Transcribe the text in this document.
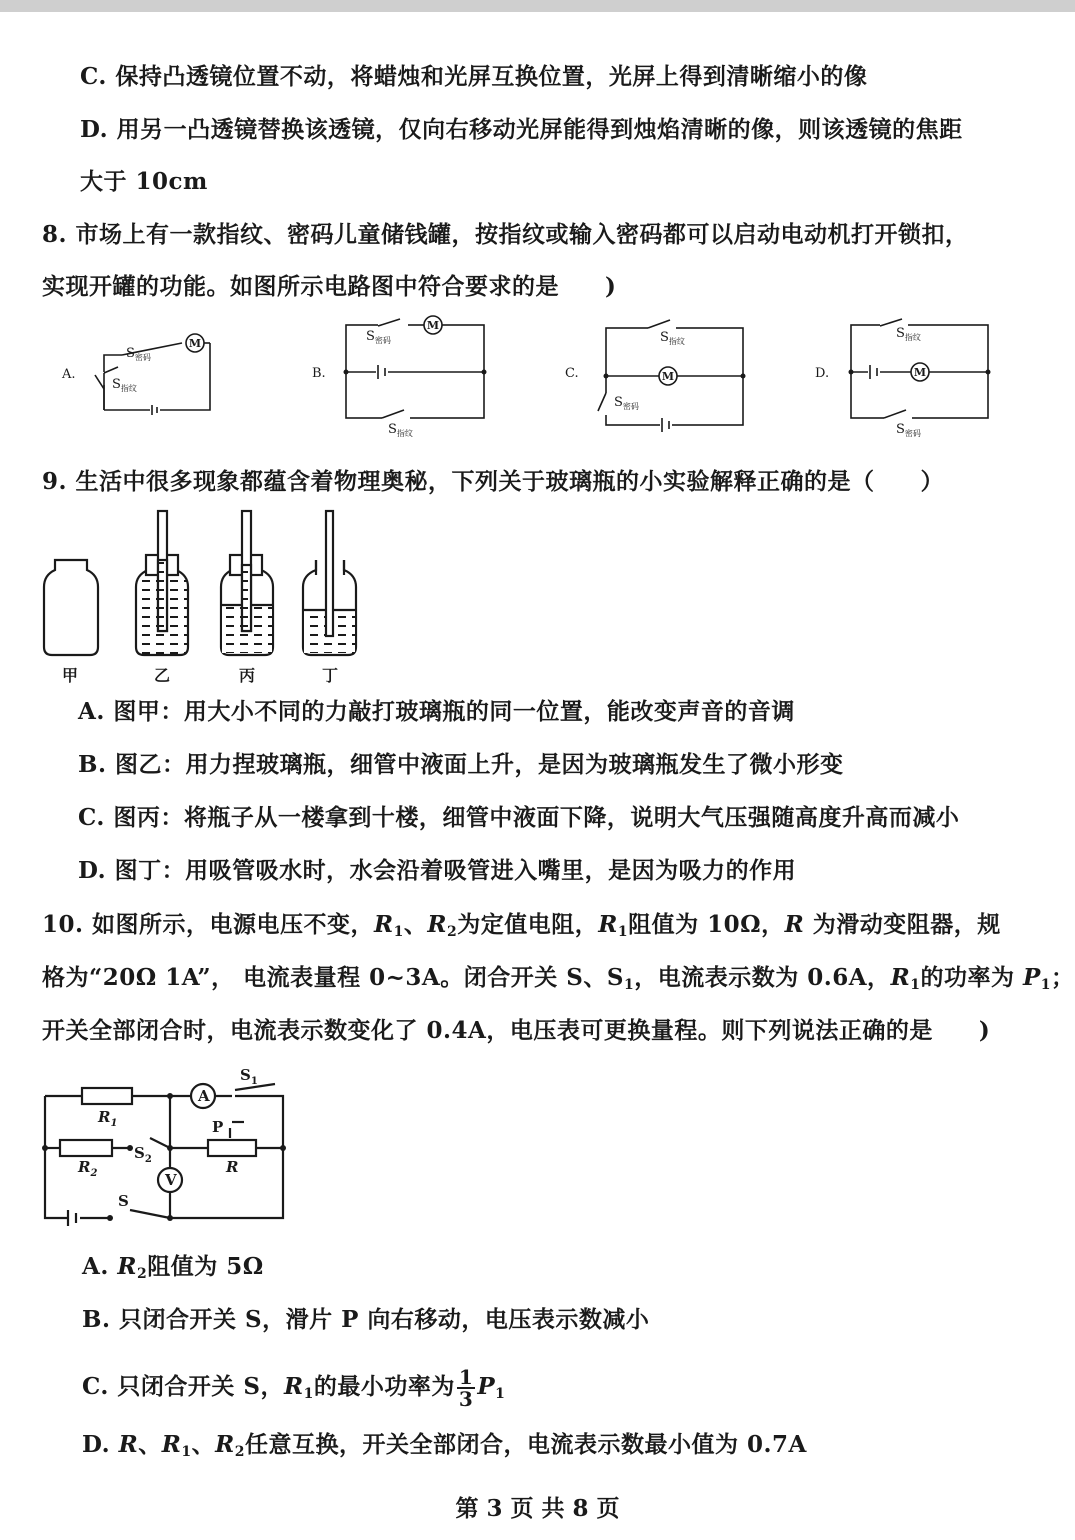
C. 保持凸透镜位置不动，将蜡烛和光屏互换位置，光屏上得到清晰缩小的像
D. 用另一凸透镜替换该透镜，仅向右移动光屏能得到烛焰清晰的像，则该透镜的焦距
大于 10cm
8. 市场上有一款指纹、密码儿童储钱罐，按指纹或输入密码都可以启动电动机打开锁扣，
实现开罐的功能。如图所示电路图中符合要求的是 )
M
M
M	M
A.	B.	C.	D.
$S_{密码}$
$S_{指纹}$
$S_{密码}$
$S_{指纹}$
$S_{指纹}$
$S_{密码}$
$S_{指纹}$
$S_{密码}$
9. 生活中很多现象都蕴含着物理奥秘，下列关于玻璃瓶的小实验解释正确的是（ ）
甲	乙	丙	丁
A. 图甲：用大小不同的力敲打玻璃瓶的同一位置，能改变声音的音调
B. 图乙：用力捏玻璃瓶，细管中液面上升，是因为玻璃瓶发生了微小形变
C. 图丙：将瓶子从一楼拿到十楼，细管中液面下降，说明大气压强随高度升高而减小
D. 图丁：用吸管吸水时，水会沿着吸管进入嘴里，是因为吸力的作用
10. 如图所示，电源电压不变，$R_1$、$R_2$为定值电阻，$R_1$阻值为 10Ω，R 为滑动变阻器，规
格为“20Ω 1A”， 电流表量程 0~3A。闭合开关 S、$S_1$，电流表示数为 0.6A，$R_1$的功率为 $P_1$；
开关全部闭合时，电流表示数变化了 0.4A，电压表可更换量程。则下列说法正确的是 )
A
V
$R_1$
$R_2$	R
P
$S_1$
$S_2$
S
A. $R_2$阻值为 5Ω
B. 只闭合开关 S，滑片 P 向右移动，电压表示数减小
C. 只闭合开关 S，$R_1$的最小功率为 $\frac{1}{3} P_1$
D. R、$R_1$、$R_2$任意互换，开关全部闭合，电流表示数最小值为 0.7A
第 3 页 共 8 页
